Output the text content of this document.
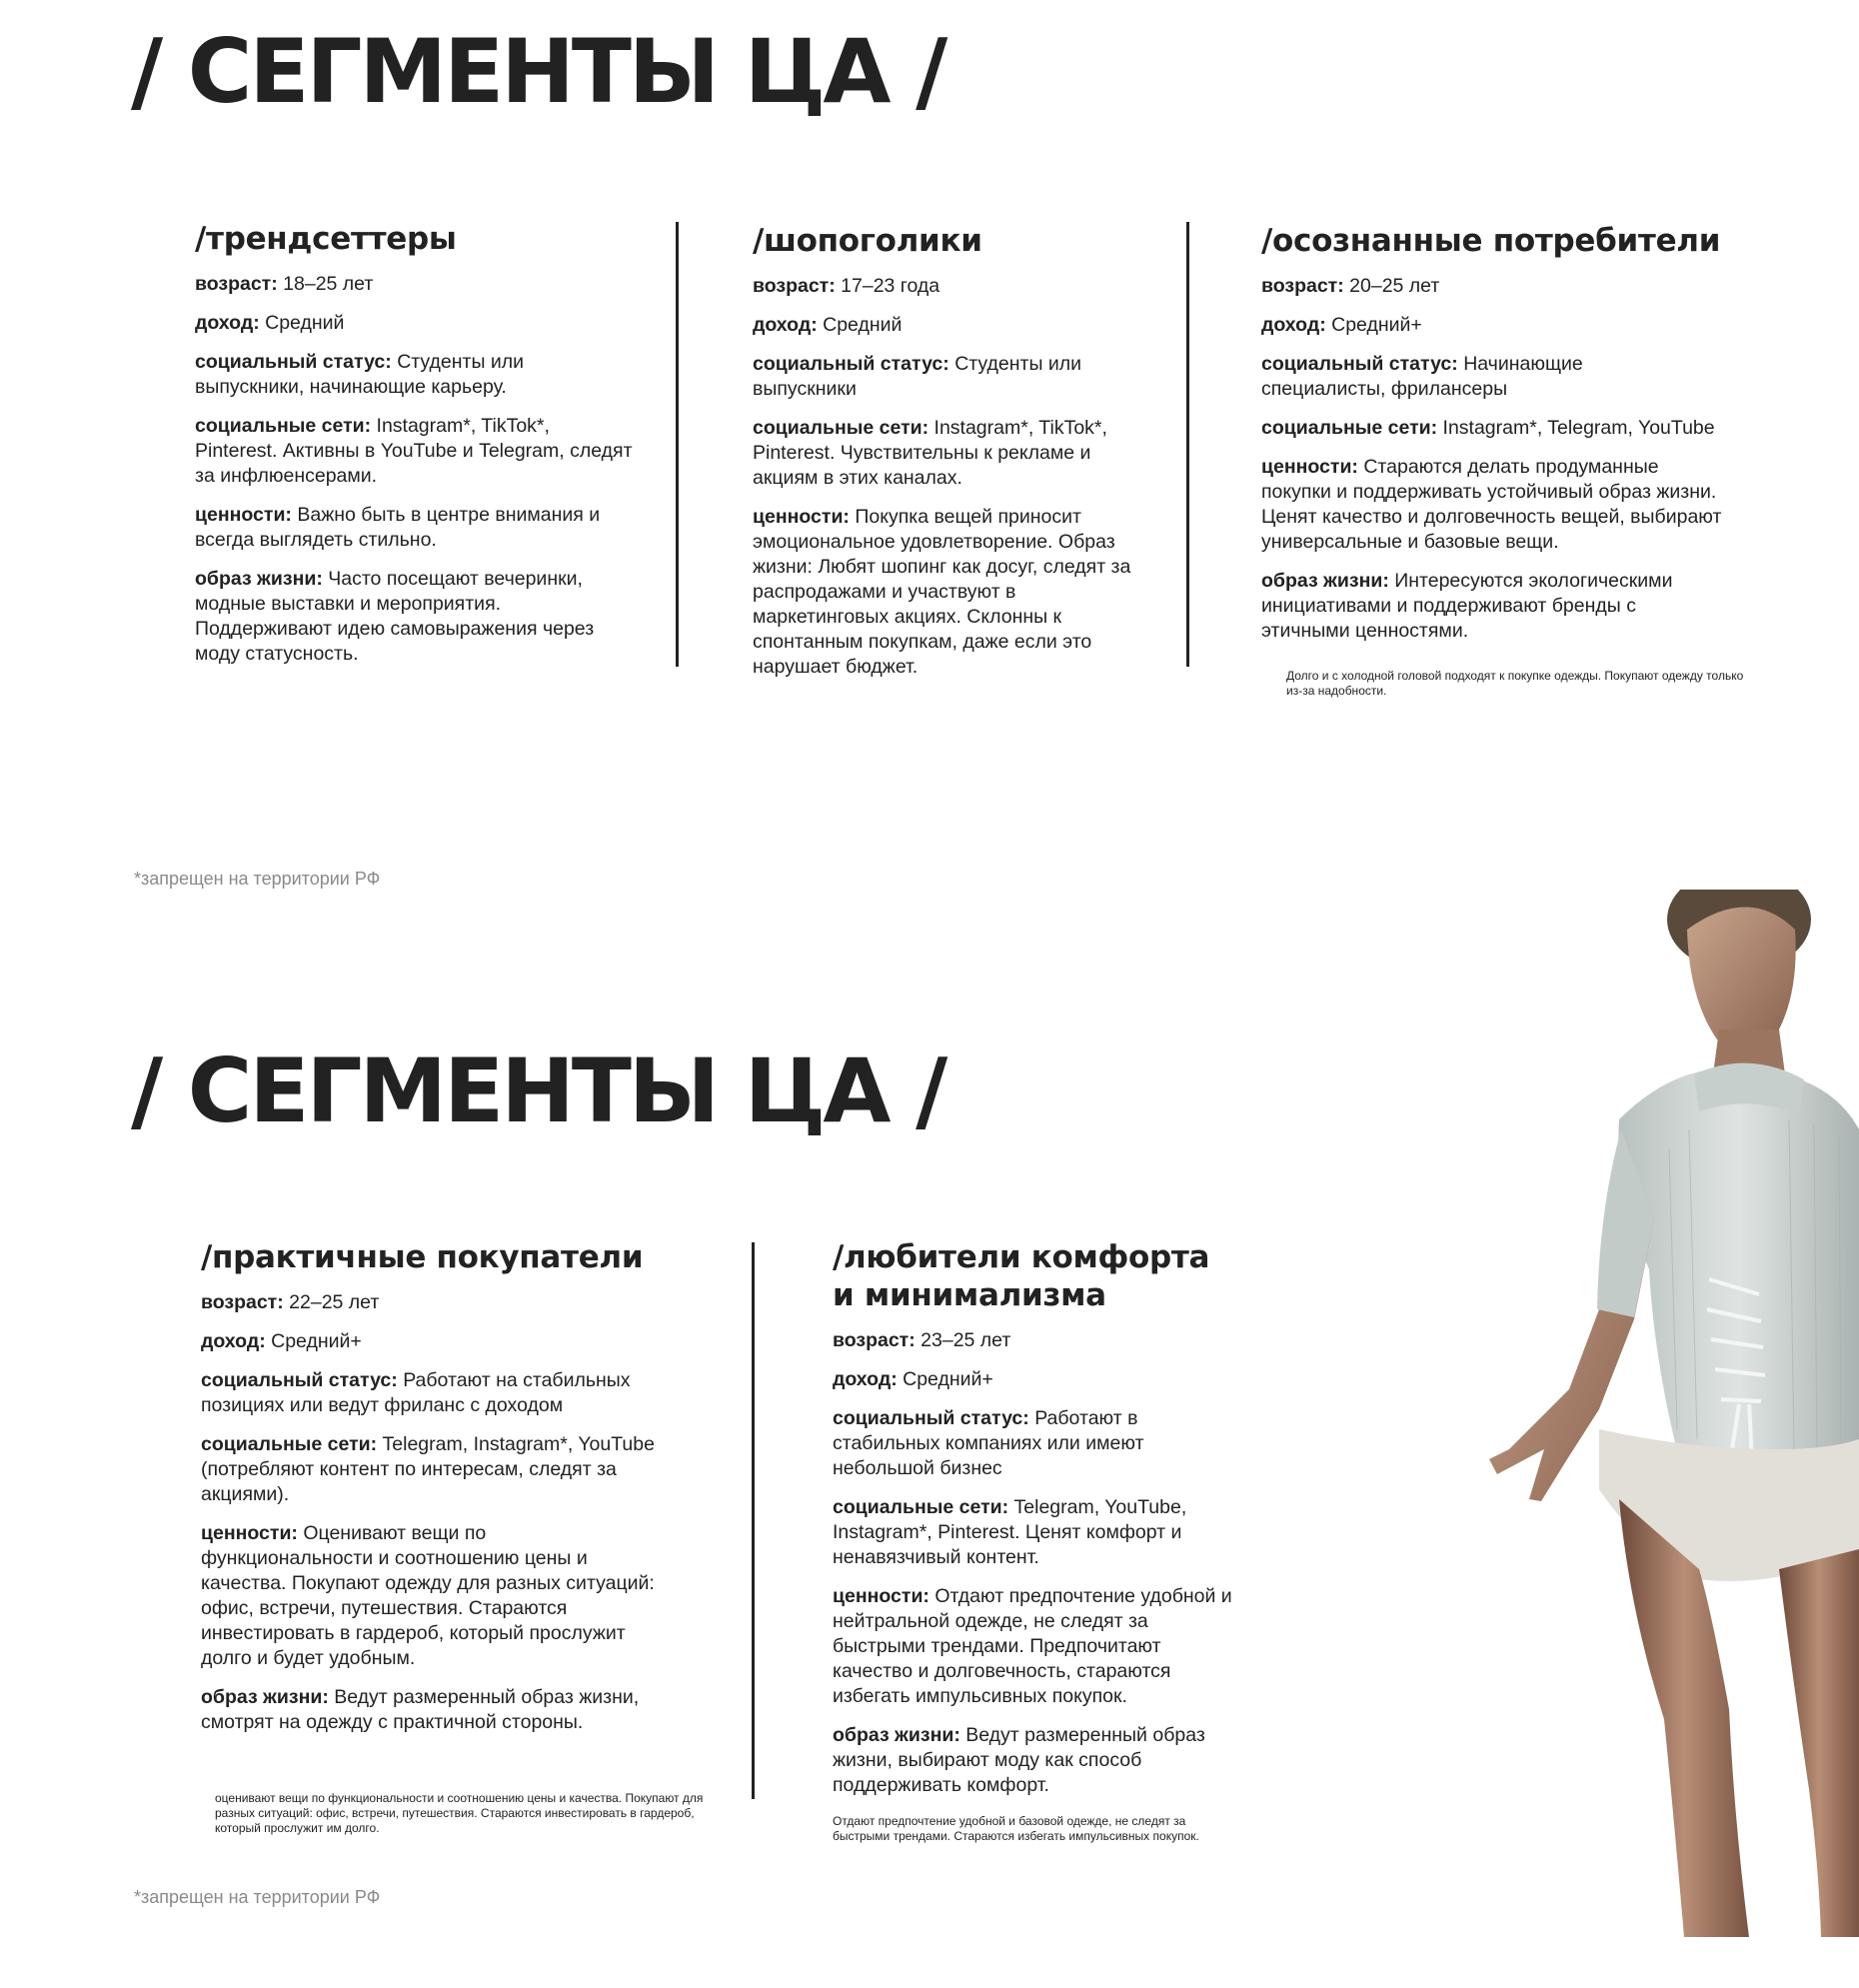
/ СЕГМЕНТЫ ЦА /
/трендсеттеры

возраст: 18–25 лет

доход: Средний

социальный статус: Студенты или выпускники, начинающие карьеру.

социальные сети: Instagram*, TikTok*, Pinterest. Активны в YouTube и Telegram, следят за инфлюенсерами.

ценности: Важно быть в центре внимания и всегда выглядеть стильно.

образ жизни: Часто посещают вечеринки, модные выставки и мероприятия. Поддерживают идею самовыражения через моду статусность.

/шопоголики

возраст: 17–23 года

доход: Средний

социальный статус: Студенты или выпускники

социальные сети: Instagram*, TikTok*, Pinterest. Чувствительны к рекламе и акциям в этих каналах.

ценности: Покупка вещей приносит эмоциональное удовлетворение. Образ жизни: Любят шопинг как досуг, следят за распродажами и участвуют в маркетинговых акциях. Склонны к спонтанным покупкам, даже если это нарушает бюджет.

/осознанные потребители

возраст: 20–25 лет

доход: Средний+

социальный статус: Начинающие специалисты, фрилансеры

социальные сети: Instagram*, Telegram, YouTube

ценности: Стараются делать продуманные покупки и поддерживать устойчивый образ жизни. Ценят качество и долговечность вещей, выбирают универсальные и базовые вещи.

образ жизни: Интересуются экологическими инициативами и поддерживают бренды с этичными ценностями.

Долго и с холодной головой подходят к покупке одежды. Покупают одежду только из-за надобности.
*запрещен на территории РФ
/ СЕГМЕНТЫ ЦА /
/практичные покупатели

возраст: 22–25 лет

доход: Средний+

социальный статус: Работают на стабильных позициях или ведут фриланс с доходом

социальные сети: Telegram, Instagram*, YouTube (потребляют контент по интересам, следят за акциями).

ценности: Оценивают вещи по функциональности и соотношению цены и качества. Покупают одежду для разных ситуаций: офис, встречи, путешествия. Стараются инвестировать в гардероб, который прослужит долго и будет удобным.

образ жизни: Ведут размеренный образ жизни, смотрят на одежду с практичной стороны.

оценивают вещи по функциональности и соотношению цены и качества. Покупают для разных ситуаций: офис, встречи, путешествия. Стараются инвестировать в гардероб, который прослужит им долго.
/любители комфорта и минимализма

возраст: 23–25 лет

доход: Средний+

социальный статус: Работают в стабильных компаниях или имеют небольшой бизнес

социальные сети: Telegram, YouTube, Instagram*, Pinterest. Ценят комфорт и ненавязчивый контент.

ценности: Отдают предпочтение удобной и нейтральной одежде, не следят за быстрыми трендами. Предпочитают качество и долговечность, стараются избегать импульсивных покупок.

образ жизни: Ведут размеренный образ жизни, выбирают моду как способ поддерживать комфорт.

Отдают предпочтение удобной и базовой одежде, не следят за быстрыми трендами. Стараются избегать импульсивных покупок.
*запрещен на территории РФ
